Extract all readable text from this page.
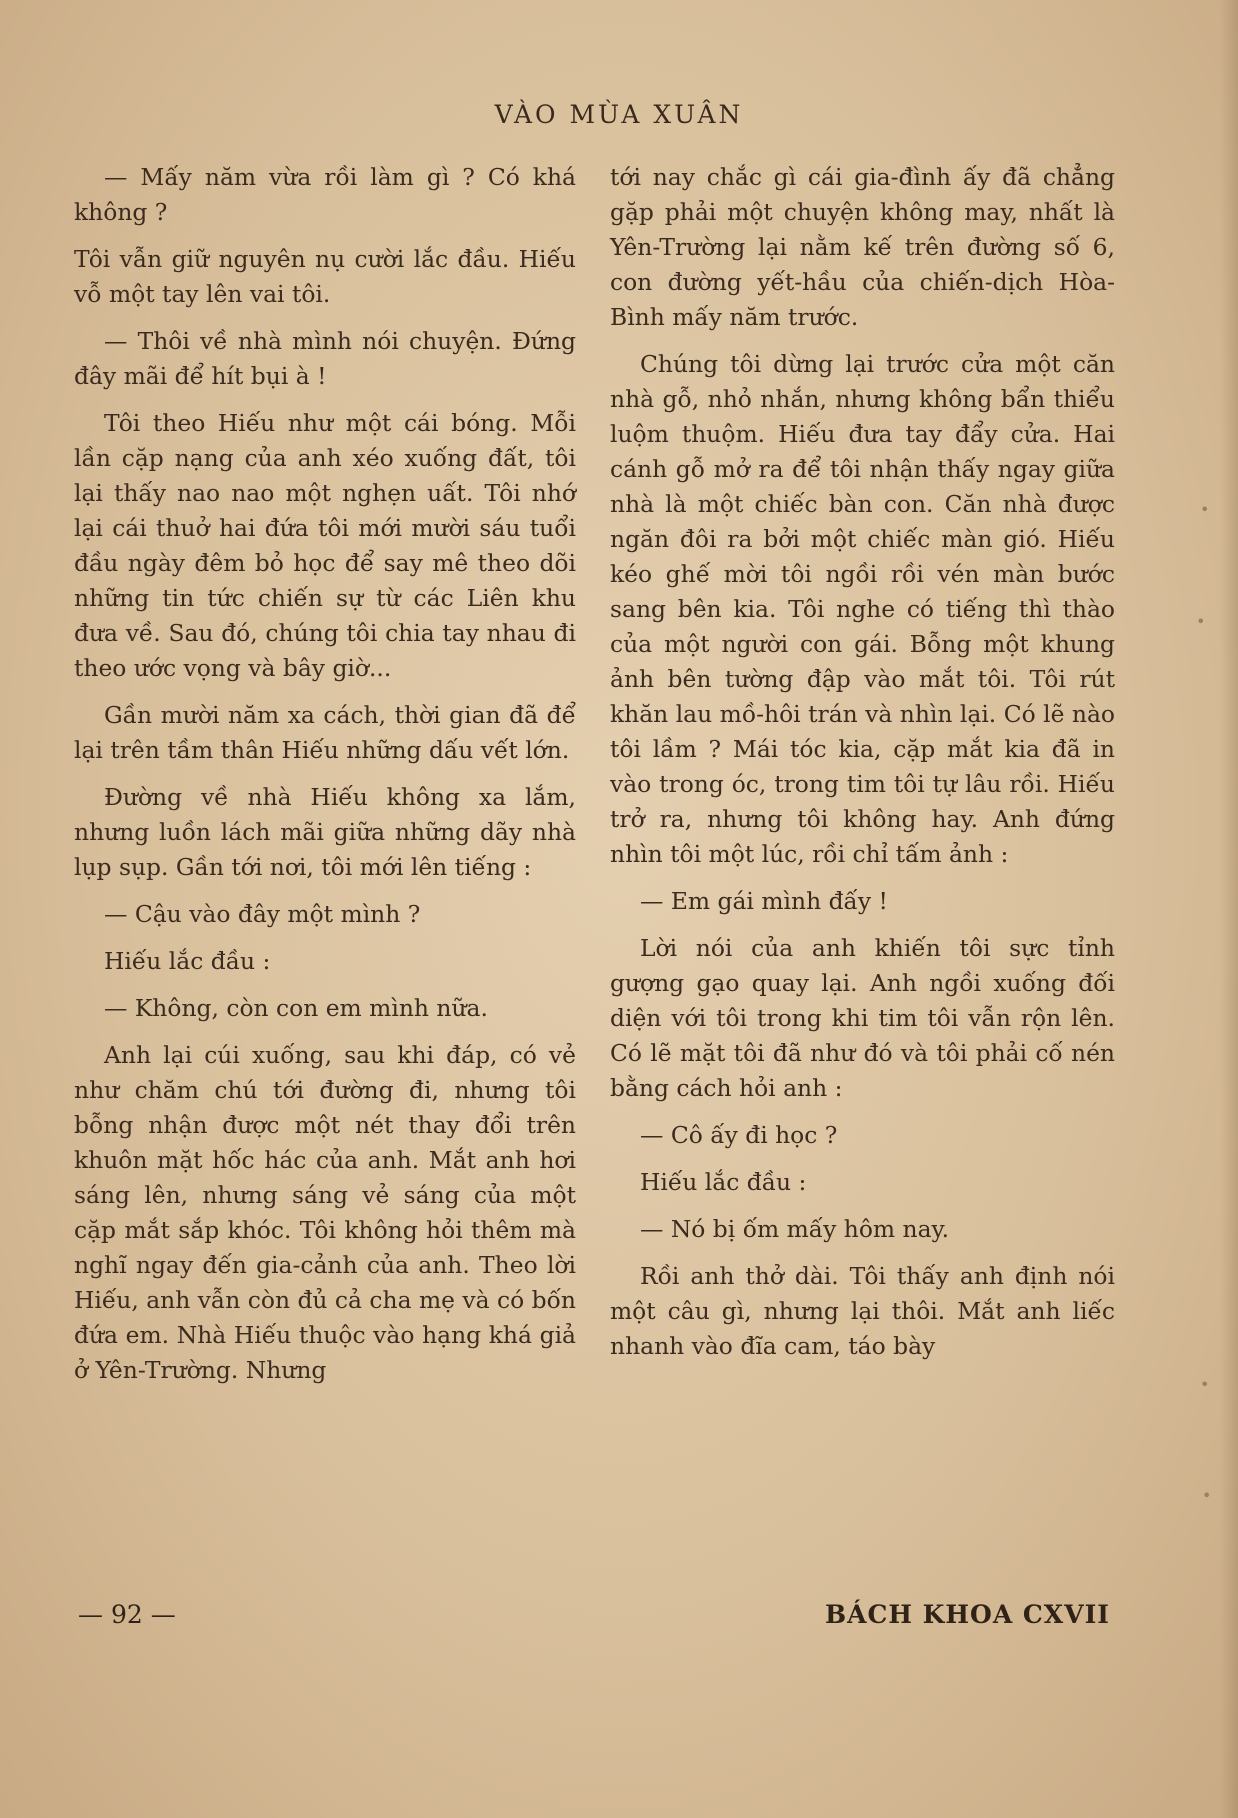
VÀO MÙA XUÂN

— Mấy năm vừa rồi làm gì ? Có khá không ?

Tôi vẫn giữ nguyên nụ cười lắc đầu. Hiếu vỗ một tay lên vai tôi.

— Thôi về nhà mình nói chuyện. Đứng đây mãi để hít bụi à !

Tôi theo Hiếu như một cái bóng. Mỗi lần cặp nạng của anh xéo xuống đất, tôi lại thấy nao nao một nghẹn uất. Tôi nhớ lại cái thuở hai đứa tôi mới mười sáu tuổi đầu ngày đêm bỏ học để say mê theo dõi những tin tức chiến sự từ các Liên khu đưa về. Sau đó, chúng tôi chia tay nhau đi theo ước vọng và bây giờ...

Gần mười năm xa cách, thời gian đã để lại trên tầm thân Hiếu những dấu vết lớn.

Đường về nhà Hiếu không xa lắm, nhưng luồn lách mãi giữa những dãy nhà lụp sụp. Gần tới nơi, tôi mới lên tiếng :

— Cậu vào đây một mình ?

Hiếu lắc đầu :

— Không, còn con em mình nữa.

Anh lại cúi xuống, sau khi đáp, có vẻ như chăm chú tới đường đi, nhưng tôi bỗng nhận được một nét thay đổi trên khuôn mặt hốc hác của anh. Mắt anh hơi sáng lên, nhưng sáng vẻ sáng của một cặp mắt sắp khóc. Tôi không hỏi thêm mà nghĩ ngay đến gia-cảnh của anh. Theo lời Hiếu, anh vẫn còn đủ cả cha mẹ và có bốn đứa em. Nhà Hiếu thuộc vào hạng khá giả ở Yên-Trường. Nhưng

tới nay chắc gì cái gia-đình ấy đã chẳng gặp phải một chuyện không may, nhất là Yên-Trường lại nằm kế trên đường số 6, con đường yết-hầu của chiến-dịch Hòa-Bình mấy năm trước.

Chúng tôi dừng lại trước cửa một căn nhà gỗ, nhỏ nhắn, nhưng không bẩn thiểu luộm thuộm. Hiếu đưa tay đẩy cửa. Hai cánh gỗ mở ra để tôi nhận thấy ngay giữa nhà là một chiếc bàn con. Căn nhà được ngăn đôi ra bởi một chiếc màn gió. Hiếu kéo ghế mời tôi ngồi rồi vén màn bước sang bên kia. Tôi nghe có tiếng thì thào của một người con gái. Bỗng một khung ảnh bên tường đập vào mắt tôi. Tôi rút khăn lau mồ-hôi trán và nhìn lại. Có lẽ nào tôi lầm ? Mái tóc kia, cặp mắt kia đã in vào trong óc, trong tim tôi tự lâu rồi. Hiếu trở ra, nhưng tôi không hay. Anh đứng nhìn tôi một lúc, rồi chỉ tấm ảnh :

— Em gái mình đấy !

Lời nói của anh khiến tôi sực tỉnh gượng gạo quay lại. Anh ngồi xuống đối diện với tôi trong khi tim tôi vẫn rộn lên. Có lẽ mặt tôi đã như đó và tôi phải cố nén bằng cách hỏi anh :

— Cô ấy đi học ?

Hiếu lắc đầu :

— Nó bị ốm mấy hôm nay.

Rồi anh thở dài. Tôi thấy anh định nói một câu gì, nhưng lại thôi. Mắt anh liếc nhanh vào đĩa cam, táo bày

— 92 —	BÁCH KHOA CXVII
•
•
•
•
